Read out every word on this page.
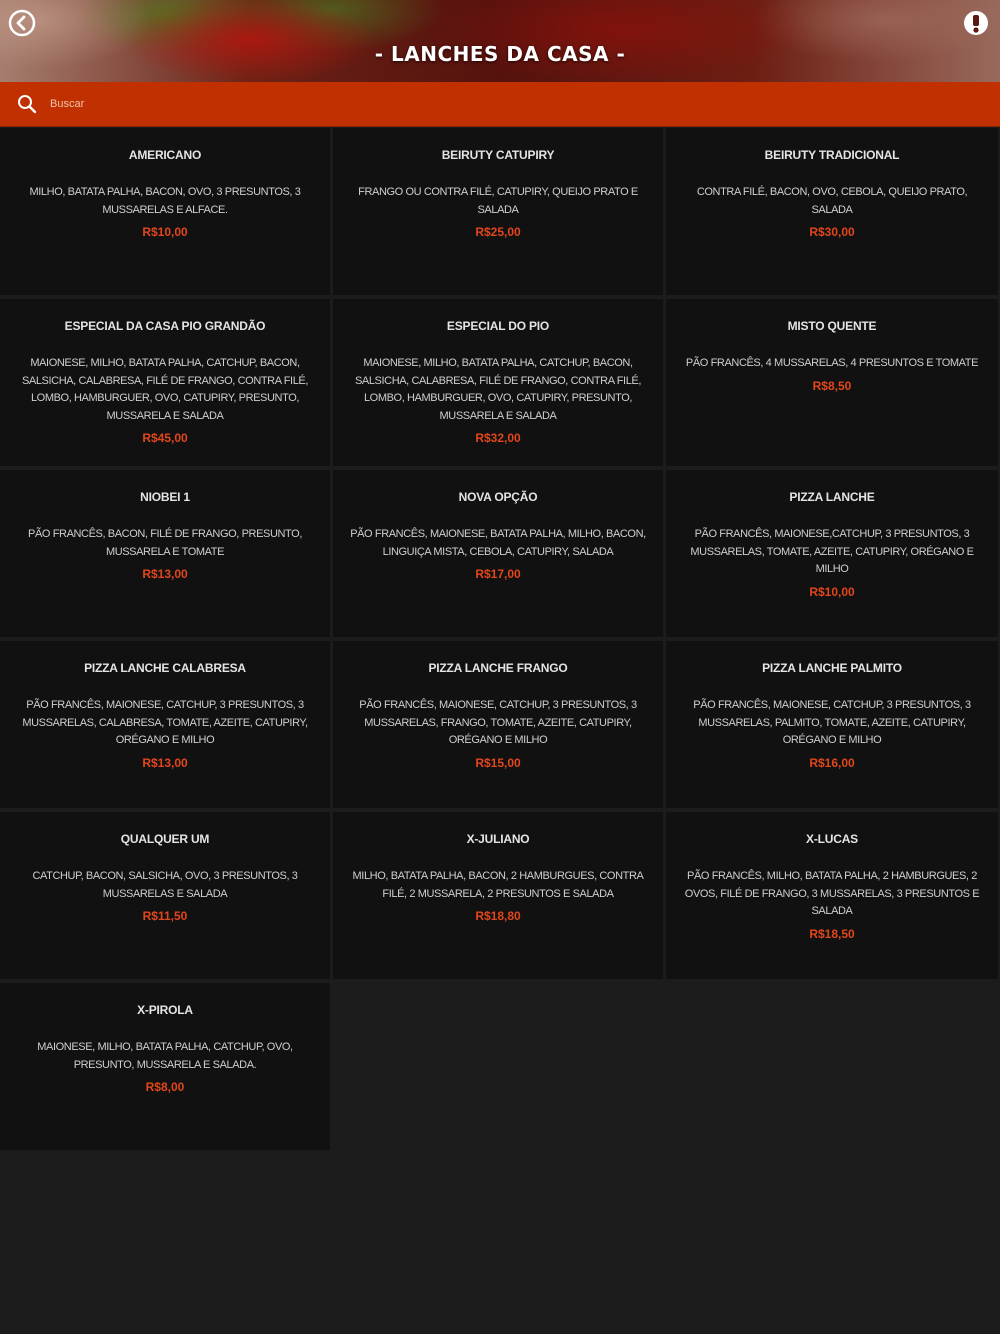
- LANCHES DA CASA -
Buscar
AMERICANO
MILHO, BATATA PALHA, BACON, OVO, 3 PRESUNTOS, 3 MUSSARELAS E ALFACE.
R$10,00
BEIRUTY CATUPIRY
FRANGO OU CONTRA FILÉ, CATUPIRY, QUEIJO PRATO E SALADA
R$25,00
BEIRUTY TRADICIONAL
CONTRA FILÉ, BACON, OVO, CEBOLA, QUEIJO PRATO, SALADA
R$30,00
ESPECIAL DA CASA PIO GRANDÃO
MAIONESE, MILHO, BATATA PALHA, CATCHUP, BACON, SALSICHA, CALABRESA, FILÉ DE FRANGO, CONTRA FILÉ, LOMBO, HAMBURGUER, OVO, CATUPIRY, PRESUNTO, MUSSARELA E SALADA
R$45,00
ESPECIAL DO PIO
MAIONESE, MILHO, BATATA PALHA, CATCHUP, BACON, SALSICHA, CALABRESA, FILÉ DE FRANGO, CONTRA FILÉ, LOMBO, HAMBURGUER, OVO, CATUPIRY, PRESUNTO, MUSSARELA E SALADA
R$32,00
MISTO QUENTE
PÃO FRANCÊS, 4 MUSSARELAS, 4 PRESUNTOS E TOMATE
R$8,50
NIOBEI 1
PÃO FRANCÊS, BACON, FILÉ DE FRANGO, PRESUNTO, MUSSARELA E TOMATE
R$13,00
NOVA OPÇÃO
PÃO FRANCÊS, MAIONESE, BATATA PALHA, MILHO, BACON, LINGUIÇA MISTA, CEBOLA, CATUPIRY, SALADA
R$17,00
PIZZA LANCHE
PÃO FRANCÊS, MAIONESE,CATCHUP, 3 PRESUNTOS, 3 MUSSARELAS, TOMATE, AZEITE, CATUPIRY, ORÉGANO E MILHO
R$10,00
PIZZA LANCHE CALABRESA
PÃO FRANCÊS, MAIONESE, CATCHUP, 3 PRESUNTOS, 3 MUSSARELAS, CALABRESA, TOMATE, AZEITE, CATUPIRY, ORÉGANO E MILHO
R$13,00
PIZZA LANCHE FRANGO
PÃO FRANCÊS, MAIONESE, CATCHUP, 3 PRESUNTOS, 3 MUSSARELAS, FRANGO, TOMATE, AZEITE, CATUPIRY, ORÉGANO E MILHO
R$15,00
PIZZA LANCHE PALMITO
PÃO FRANCÊS, MAIONESE, CATCHUP, 3 PRESUNTOS, 3 MUSSARELAS, PALMITO, TOMATE, AZEITE, CATUPIRY, ORÉGANO E MILHO
R$16,00
QUALQUER UM
CATCHUP, BACON, SALSICHA, OVO, 3 PRESUNTOS, 3 MUSSARELAS E SALADA
R$11,50
X-JULIANO
MILHO, BATATA PALHA, BACON, 2 HAMBURGUES, CONTRA FILÉ, 2 MUSSARELA, 2 PRESUNTOS E SALADA
R$18,80
X-LUCAS
PÃO FRANCÊS, MILHO, BATATA PALHA, 2 HAMBURGUES, 2 OVOS, FILÉ DE FRANGO, 3 MUSSARELAS, 3 PRESUNTOS E SALADA
R$18,50
X-PIROLA
MAIONESE, MILHO, BATATA PALHA, CATCHUP, OVO, PRESUNTO, MUSSARELA E SALADA.
R$8,00
